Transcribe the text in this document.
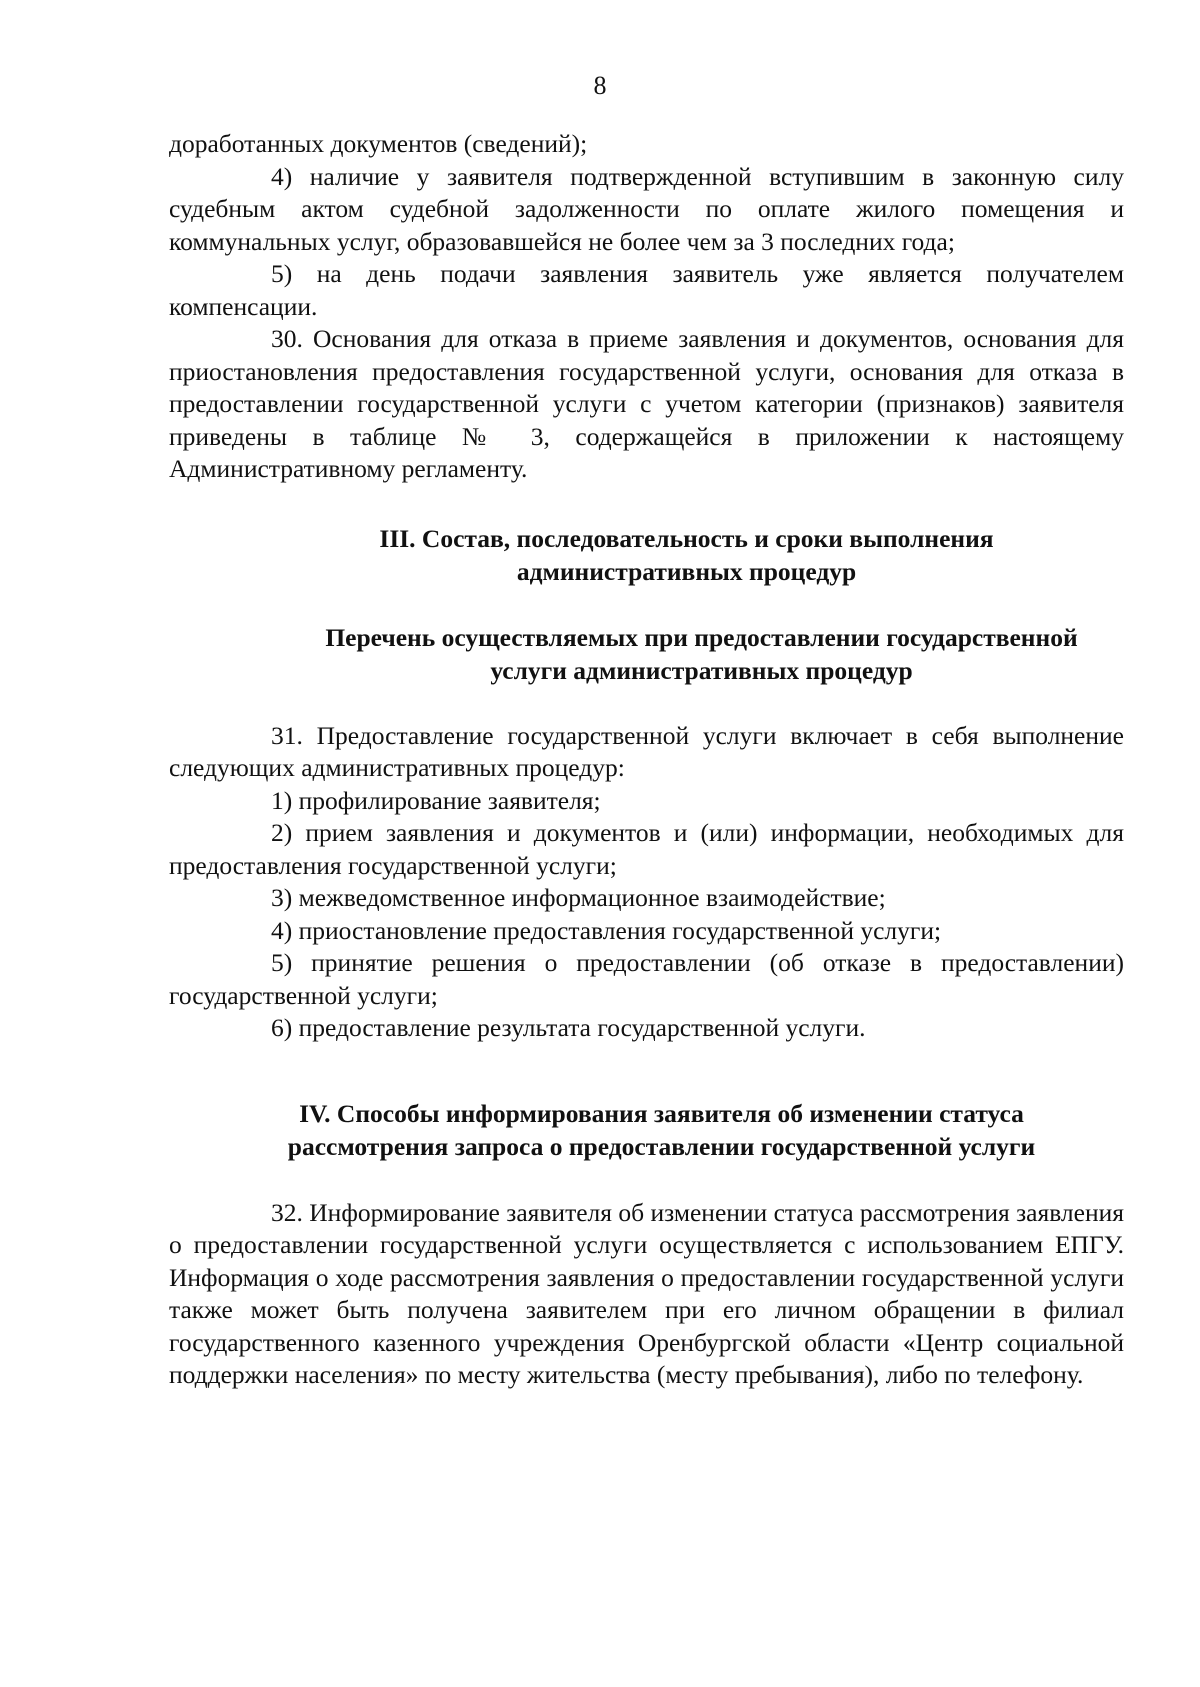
8

доработанных документов (сведений);

4) наличие у заявителя подтвержденной вступившим в законную силу судебным актом судебной задолженности по оплате жилого помещения и коммунальных услуг, образовавшейся не более чем за 3 последних года;

5) на день подачи заявления заявитель уже является получателем компенсации.

30. Основания для отказа в приеме заявления и документов, основания для приостановления предоставления государственной услуги, основания для отказа в предоставлении государственной услуги с учетом категории (признаков) заявителя приведены в таблице № 3, содержащейся в приложении к настоящему Административному регламенту.

III. Состав, последовательность и сроки выполнения
административных процедур
Перечень осуществляемых при предоставлении государственной
услуги административных процедур

31. Предоставление государственной услуги включает в себя выполнение следующих административных процедур:

1) профилирование заявителя;

2) прием заявления и документов и (или) информации, необходимых для предоставления государственной услуги;

3) межведомственное информационное взаимодействие;

4) приостановление предоставления государственной услуги;

5) принятие решения о предоставлении (об отказе в предоставлении) государственной услуги;

6) предоставление результата государственной услуги.

IV. Способы информирования заявителя об изменении статуса
рассмотрения запроса о предоставлении государственной услуги

32. Информирование заявителя об изменении статуса рассмотрения заявления о предоставлении государственной услуги осуществляется с использованием ЕПГУ. Информация о ходе рассмотрения заявления о предоставлении государственной услуги также может быть получена заявителем при его личном обращении в филиал государственного казенного учреждения Оренбургской области «Центр социальной поддержки населения» по месту жительства (месту пребывания), либо по телефону.
